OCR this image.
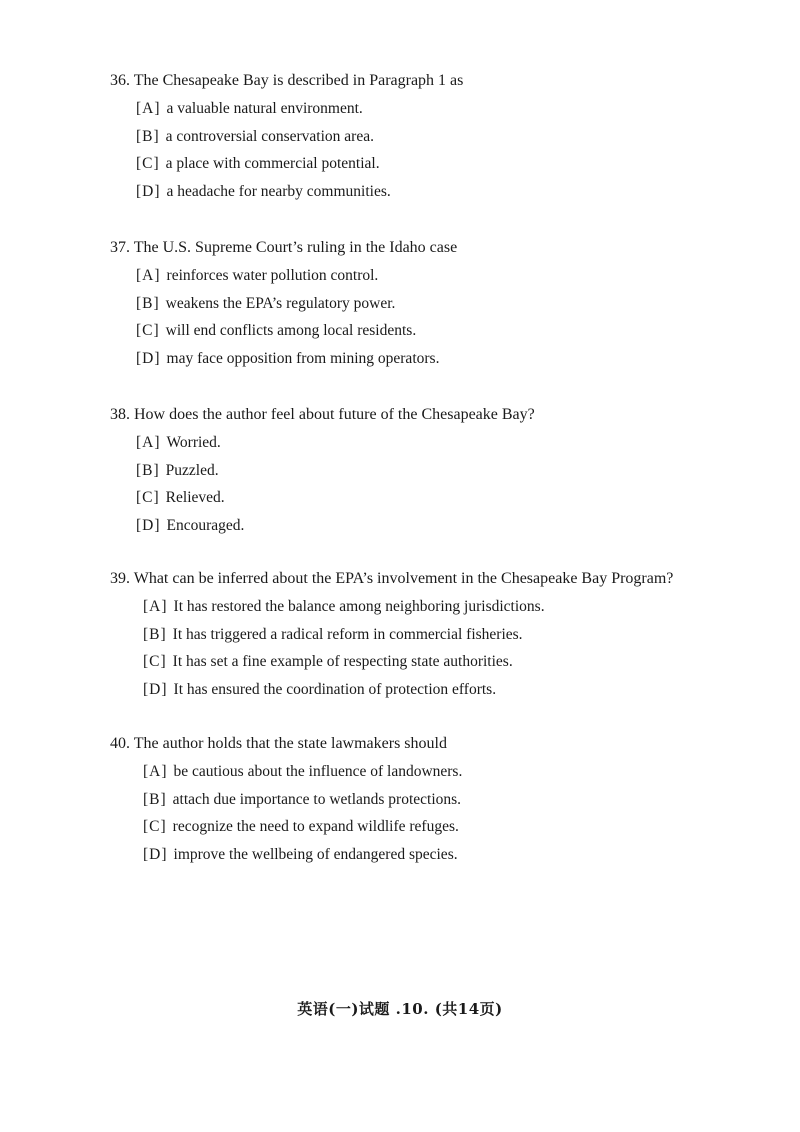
36. The Chesapeake Bay is described in Paragraph 1 as

[A] a valuable natural environment.
[B] a controversial conservation area.
[C] a place with commercial potential.
[D] a headache for nearby communities.

37. The U.S. Supreme Court’s ruling in the Idaho case

[A] reinforces water pollution control.
[B] weakens the EPA’s regulatory power.
[C] will end conflicts among local residents.
[D] may face opposition from mining operators.

38. How does the author feel about future of the Chesapeake Bay?

[A] Worried.
[B] Puzzled.
[C] Relieved.
[D] Encouraged.

39. What can be inferred about the EPA’s involvement in the Chesapeake Bay Program?

[A] It has restored the balance among neighboring jurisdictions.
[B] It has triggered a radical reform in commercial fisheries.
[C] It has set a fine example of respecting state authorities.
[D] It has ensured the coordination of protection efforts.

40. The author holds that the state lawmakers should

[A] be cautious about the influence of landowners.
[B] attach due importance to wetlands protections.
[C] recognize the need to expand wildlife refuges.
[D] improve the wellbeing of endangered species.
英语(一)试题 .10. (共14页)
